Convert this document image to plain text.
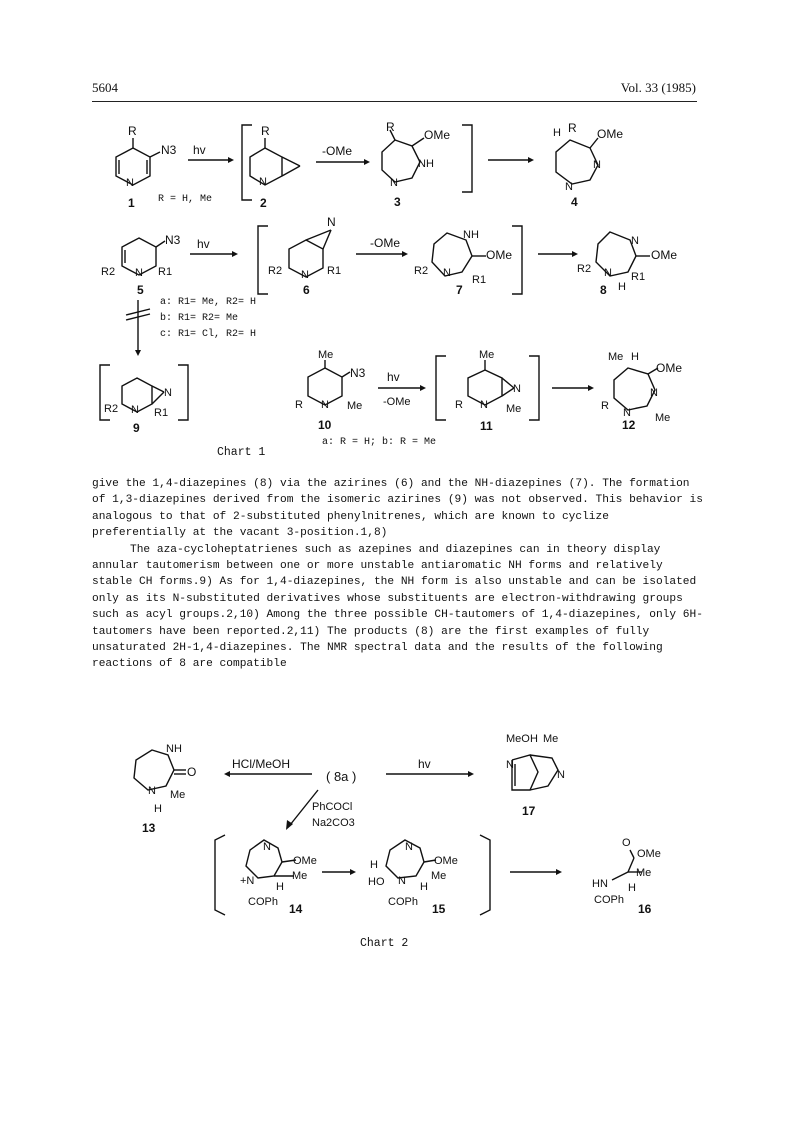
5604	Vol. 33 (1985)
R
N3
N
1 R = H, Me
hv
R
N
2
-OMe
R
OMe
NH
N
3
H R OMe
N
N
4
N3
R2 N R1
5
hv
N
R2 N R1
6
-OMe
NH
OMe
R2 N
R1
7
N
OMe
R2 N R1
H
8
a: R1= Me, R2= H
b: R1= R2= Me
c: R1= Cl, R2= H
N
R2 N R1
9
Me
N3
R N Me
10
hv
-OMe
Me
N
R N Me
11
Me H
OMe
N
R
N Me
12
a: R = H; b: R = Me
Chart 1

give the 1,4-diazepines (8) via the azirines (6) and the NH-diazepines (7). The formation of 1,3-diazepines derived from the isomeric azirines (9) was not observed. This behavior is analogous to that of 2-substituted phenylnitrenes, which are known to cyclize preferentially at the vacant 3-position.1,8)

The aza-cycloheptatrienes such as azepines and diazepines can in theory display annular tautomerism between one or more unstable antiaromatic NH forms and relatively stable CH forms.9) As for 1,4-diazepines, the NH form is also unstable and can be isolated only as its N-substituted derivatives whose substituents are electron-withdrawing groups such as acyl groups.2,10) Among the three possible CH-tautomers of 1,4-diazepines, only 6H-tautomers have been reported.2,11) The products (8) are the first examples of fully unsaturated 2H-1,4-diazepines. The NMR spectral data and the results of the following reactions of 8 are compatible

NH
O
N Me
H
13
HCl/MeOH
( 8a )
hv
MeO H Me
N
N
17
PhCOCl
Na2CO3
N
OMe
Me
+N H
COPh 14
N
OMe
H
Me
HO N H
COPh 15
O
OMe
Me
HN H
COPh
16
Chart 2
